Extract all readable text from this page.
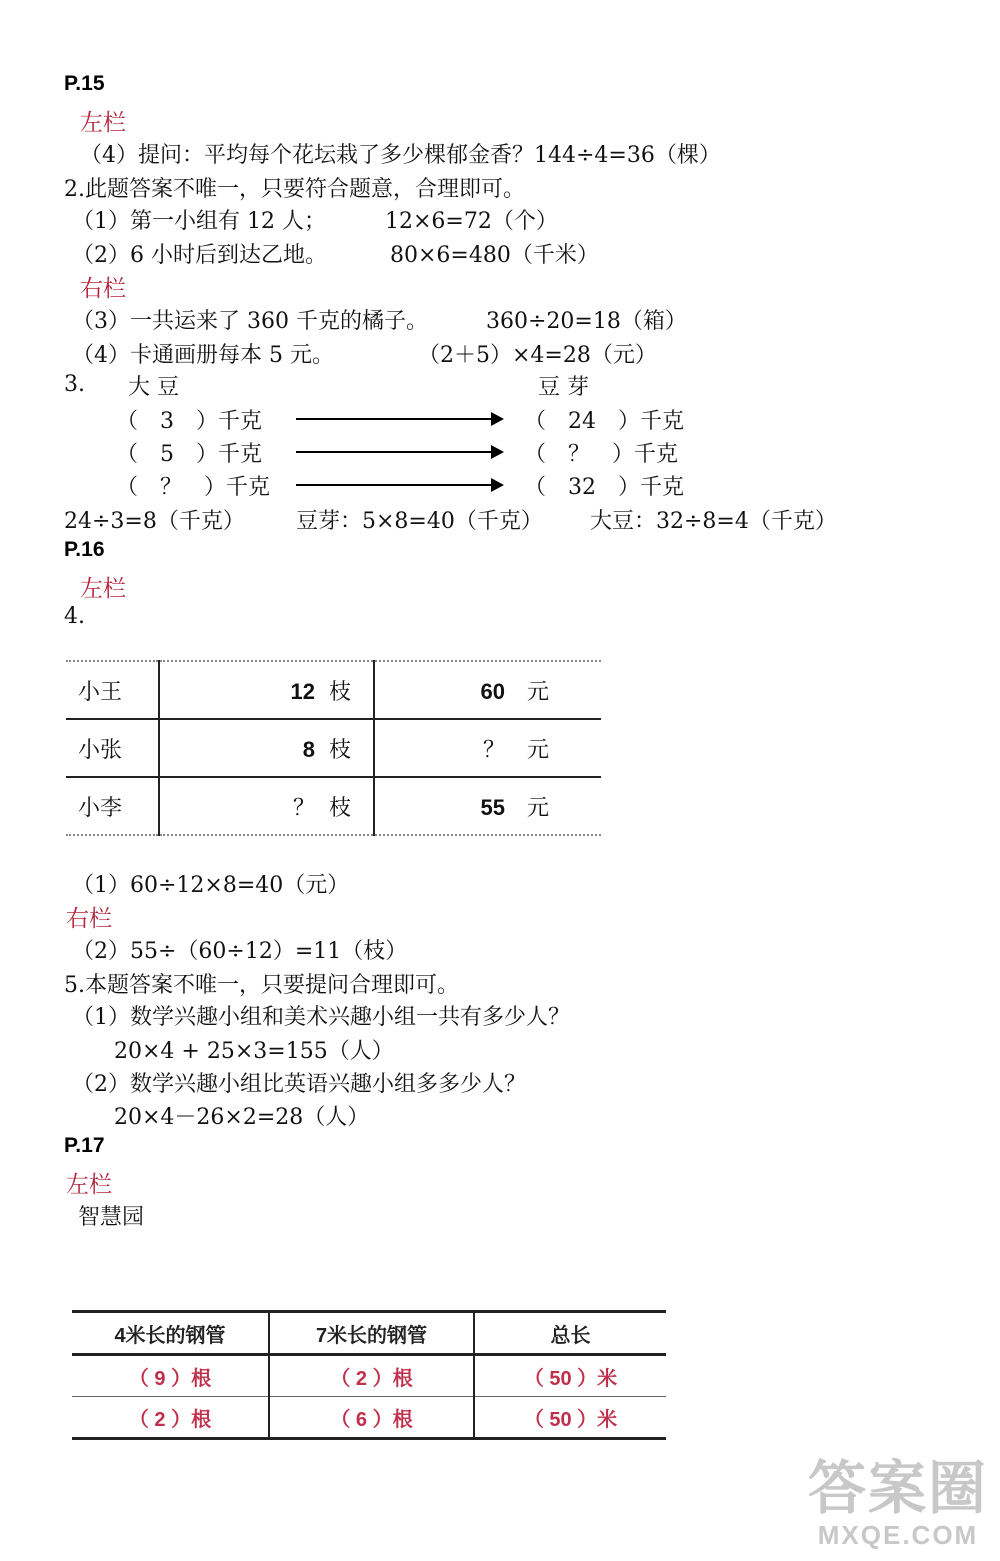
P.15
左栏
（4）提问：平均每个花坛栽了多少棵郁金香？144÷4=36（棵）
2.此题答案不唯一，只要符合题意，合理即可。
（1）第一小组有 12 人；	12×6=72（个）
（2）6 小时后到达乙地。	80×6=480（千米）
右栏
（3）一共运来了 360 千克的橘子。	360÷20=18（箱）
（4）卡通画册每本 5 元。	（2＋5）×4=28（元）
3. 大 豆	豆 芽
（　3　）千克	（　24　）千克
（　5　）千克	（　？　）千克
（　？　）千克	（　32　）千克
24÷3=8（千克） 豆芽：5×8=40（千克） 大豆：32÷8=4（千克）
P.16
左栏
4.
小王	12 枝	60 元
小张	8 枝	？ 元
小李	？ 枝	55 元
（1）60÷12×8=40（元）
右栏
（2）55÷（60÷12）=11（枝）
5.本题答案不唯一，只要提问合理即可。
（1）数学兴趣小组和美术兴趣小组一共有多少人？
20×4 + 25×3=155（人）
（2）数学兴趣小组比英语兴趣小组多多少人？
20×4－26×2=28（人）
P.17
左栏
智慧园
4米长的钢管	7米长的钢管	总长
（ 9 ）根	（ 2 ）根	（ 50 ）米
（ 2 ）根	（ 6 ）根	（ 50 ）米
答案圈
MXQE.COM
